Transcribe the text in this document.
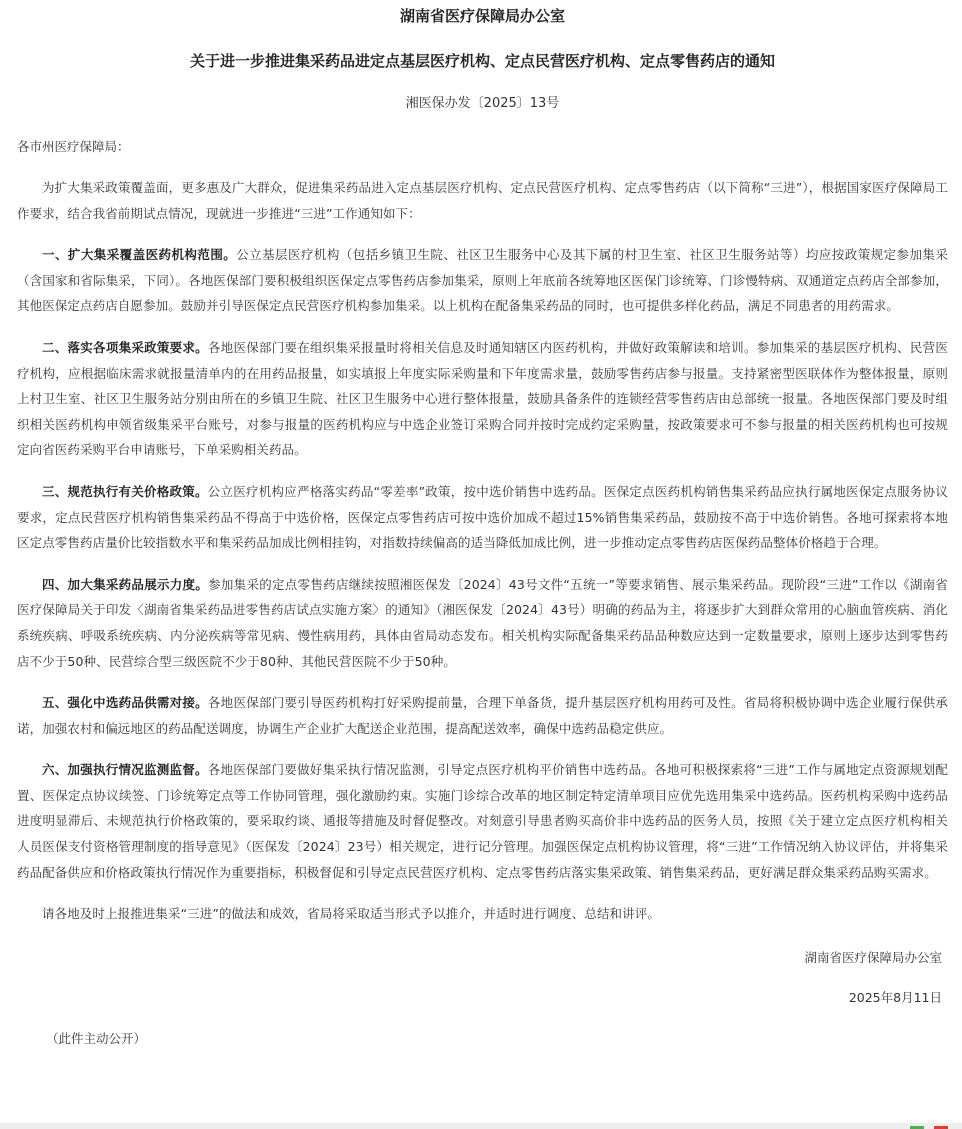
湖南省医疗保障局办公室
关于进一步推进集采药品进定点基层医疗机构、定点民营医疗机构、定点零售药店的通知
湘医保办发〔2025〕13号
各市州医疗保障局：

为扩大集采政策覆盖面，更多惠及广大群众，促进集采药品进入定点基层医疗机构、定点民营医疗机构、定点零售药店（以下简称“三进”），根据国家医疗保障局工作要求，结合我省前期试点情况，现就进一步推进“三进”工作通知如下：

一、扩大集采覆盖医药机构范围。公立基层医疗机构（包括乡镇卫生院、社区卫生服务中心及其下属的村卫生室、社区卫生服务站等）均应按政策规定参加集采（含国家和省际集采，下同）。各地医保部门要积极组织医保定点零售药店参加集采，原则上年底前各统筹地区医保门诊统筹、门诊慢特病、双通道定点药店全部参加，其他医保定点药店自愿参加。鼓励并引导医保定点民营医疗机构参加集采。以上机构在配备集采药品的同时，也可提供多样化药品，满足不同患者的用药需求。

二、落实各项集采政策要求。各地医保部门要在组织集采报量时将相关信息及时通知辖区内医药机构，并做好政策解读和培训。参加集采的基层医疗机构、民营医疗机构，应根据临床需求就报量清单内的在用药品报量，如实填报上年度实际采购量和下年度需求量，鼓励零售药店参与报量。支持紧密型医联体作为整体报量，原则上村卫生室、社区卫生服务站分别由所在的乡镇卫生院、社区卫生服务中心进行整体报量，鼓励具备条件的连锁经营零售药店由总部统一报量。各地医保部门要及时组织相关医药机构申领省级集采平台账号，对参与报量的医药机构应与中选企业签订采购合同并按时完成约定采购量，按政策要求可不参与报量的相关医药机构也可按规定向省医药采购平台申请账号，下单采购相关药品。

三、规范执行有关价格政策。公立医疗机构应严格落实药品“零差率”政策，按中选价销售中选药品。医保定点医药机构销售集采药品应执行属地医保定点服务协议要求，定点民营医疗机构销售集采药品不得高于中选价格，医保定点零售药店可按中选价加成不超过15%销售集采药品，鼓励按不高于中选价销售。各地可探索将本地区定点零售药店量价比较指数水平和集采药品加成比例相挂钩，对指数持续偏高的适当降低加成比例，进一步推动定点零售药店医保药品整体价格趋于合理。

四、加大集采药品展示力度。参加集采的定点零售药店继续按照湘医保发〔2024〕43号文件“五统一”等要求销售、展示集采药品。现阶段“三进”工作以《湖南省医疗保障局关于印发〈湖南省集采药品进零售药店试点实施方案〉的通知》（湘医保发〔2024〕43号）明确的药品为主，将逐步扩大到群众常用的心脑血管疾病、消化系统疾病、呼吸系统疾病、内分泌疾病等常见病、慢性病用药，具体由省局动态发布。相关机构实际配备集采药品品种数应达到一定数量要求，原则上逐步达到零售药店不少于50种、民营综合型三级医院不少于80种、其他民营医院不少于50种。

五、强化中选药品供需对接。各地医保部门要引导医药机构打好采购提前量，合理下单备货，提升基层医疗机构用药可及性。省局将积极协调中选企业履行保供承诺，加强农村和偏远地区的药品配送调度，协调生产企业扩大配送企业范围，提高配送效率，确保中选药品稳定供应。

六、加强执行情况监测监督。各地医保部门要做好集采执行情况监测，引导定点医疗机构平价销售中选药品。各地可积极探索将“三进”工作与属地定点资源规划配置、医保定点协议续签、门诊统筹定点等工作协同管理，强化激励约束。实施门诊综合改革的地区制定特定清单项目应优先选用集采中选药品。医药机构采购中选药品进度明显滞后、未规范执行价格政策的，要采取约谈、通报等措施及时督促整改。对刻意引导患者购买高价非中选药品的医务人员，按照《关于建立定点医疗机构相关人员医保支付资格管理制度的指导意见》（医保发〔2024〕23号）相关规定，进行记分管理。加强医保定点机构协议管理，将“三进”工作情况纳入协议评估，并将集采药品配备供应和价格政策执行情况作为重要指标，积极督促和引导定点民营医疗机构、定点零售药店落实集采政策、销售集采药品，更好满足群众集采药品购买需求。

请各地及时上报推进集采“三进”的做法和成效，省局将采取适当形式予以推介，并适时进行调度、总结和讲评。

湖南省医疗保障局办公室
2025年8月11日
（此件主动公开）
